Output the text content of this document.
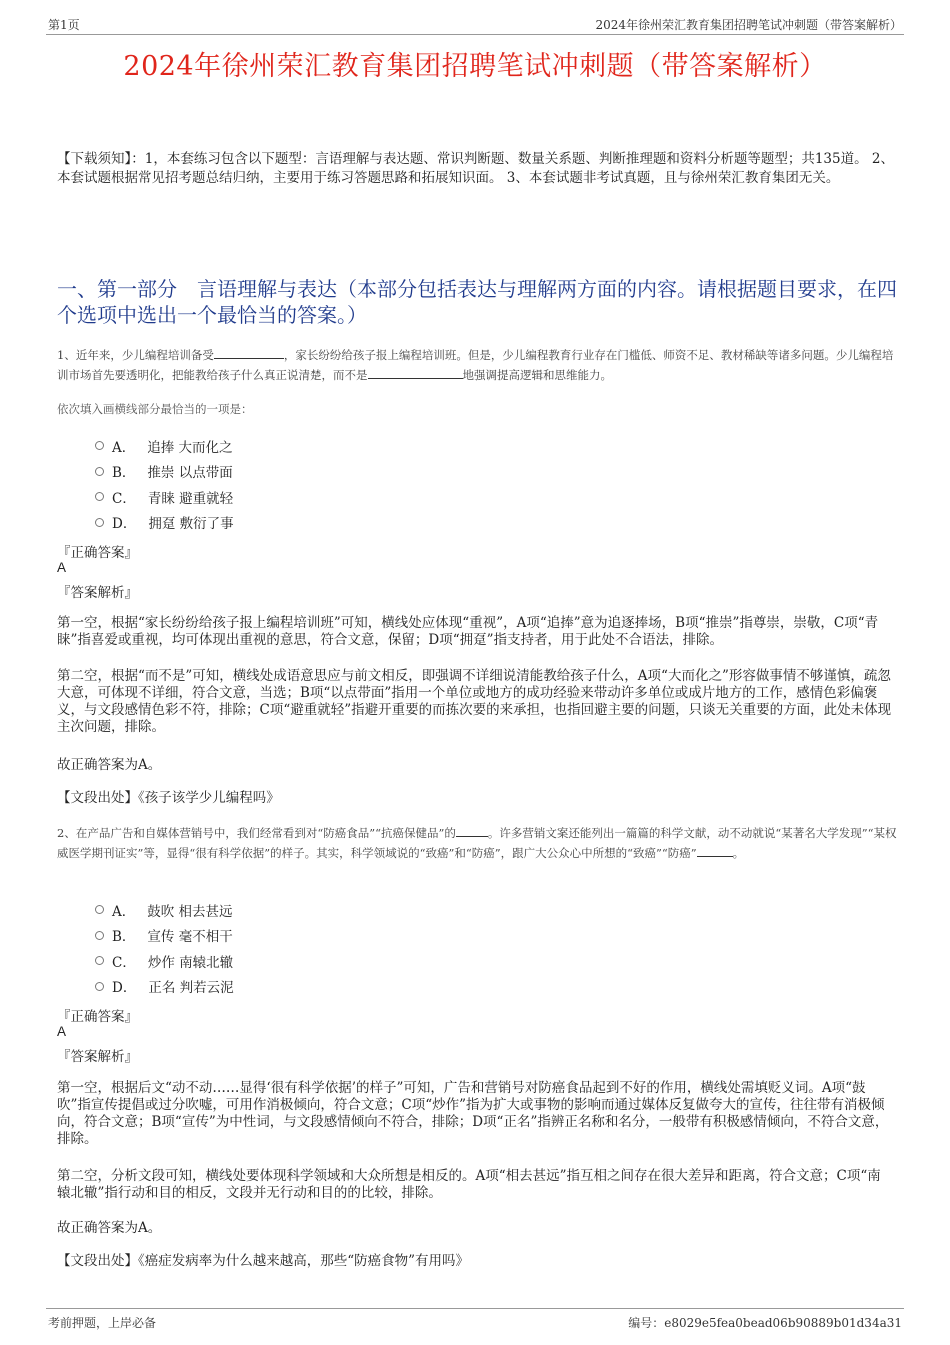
第1页	2024年徐州荣汇教育集团招聘笔试冲刺题（带答案解析）
2024年徐州荣汇教育集团招聘笔试冲刺题（带答案解析）
【下载须知】：1，本套练习包含以下题型：言语理解与表达题、常识判断题、数量关系题、判断推理题和资料分析题等题型；共135道。 2、本套试题根据常见招考题总结归纳，主要用于练习答题思路和拓展知识面。 3、本套试题非考试真题，且与徐州荣汇教育集团无关。
一、第一部分　言语理解与表达（本部分包括表达与理解两方面的内容。请根据题目要求，在四个选项中选出一个最恰当的答案。）
1、近年来，少儿编程培训备受	，家长纷纷给孩子报上编程培训班。但是，少儿编程教育行业存在门槛低、师资不足、教材稀缺等诸多问题。少儿编程培训市场首先要透明化，把能教给孩子什么真正说清楚，而不是	地强调提高逻辑和思维能力。
依次填入画横线部分最恰当的一项是：
A． 追捧 大而化之
B． 推崇 以点带面
C． 青睐 避重就轻
D． 拥趸 敷衍了事
『正确答案』
A
『答案解析』
第一空，根据“家长纷纷给孩子报上编程培训班”可知，横线处应体现“重视”，A项“追捧”意为追逐捧场，B项“推崇”指尊崇，崇敬，C项“青睐”指喜爱或重视，均可体现出重视的意思，符合文意，保留；D项“拥趸”指支持者，用于此处不合语法，排除。
第二空，根据“而不是”可知，横线处成语意思应与前文相反，即强调不详细说清能教给孩子什么，A项“大而化之”形容做事情不够谨慎，疏忽大意，可体现不详细，符合文意，当选；B项“以点带面”指用一个单位或地方的成功经验来带动许多单位或成片地方的工作，感情色彩偏褒义，与文段感情色彩不符，排除；C项“避重就轻”指避开重要的而拣次要的来承担，也指回避主要的问题，只谈无关重要的方面，此处未体现主次问题，排除。
故正确答案为A。
【文段出处】《孩子该学少儿编程吗》
2、在产品广告和自媒体营销号中，我们经常看到对“防癌食品”“抗癌保健品”的	。许多营销文案还能列出一篇篇的科学文献，动不动就说“某著名大学发现”“某权威医学期刊证实”等，显得“很有科学依据”的样子。其实，科学领域说的“致癌”和“防癌”，跟广大公众心中所想的“致癌”“防癌”	。
A． 鼓吹 相去甚远
B． 宣传 毫不相干
C． 炒作 南辕北辙
D． 正名 判若云泥
『正确答案』
A
『答案解析』
第一空，根据后文“动不动……显得‘很有科学依据’的样子”可知，广告和营销号对防癌食品起到不好的作用，横线处需填贬义词。A项“鼓吹”指宣传提倡或过分吹嘘，可用作消极倾向，符合文意；C项“炒作”指为扩大或事物的影响而通过媒体反复做夸大的宣传，往往带有消极倾向，符合文意；B项“宣传”为中性词，与文段感情倾向不符合，排除；D项“正名”指辨正名称和名分，一般带有积极感情倾向，不符合文意，排除。
第二空，分析文段可知，横线处要体现科学领域和大众所想是相反的。A项“相去甚远”指互相之间存在很大差异和距离，符合文意；C项“南辕北辙”指行动和目的相反，文段并无行动和目的的比较，排除。
故正确答案为A。
【文段出处】《癌症发病率为什么越来越高，那些“防癌食物”有用吗》
考前押题，上岸必备	编号：e8029e5fea0bead06b90889b01d34a31
